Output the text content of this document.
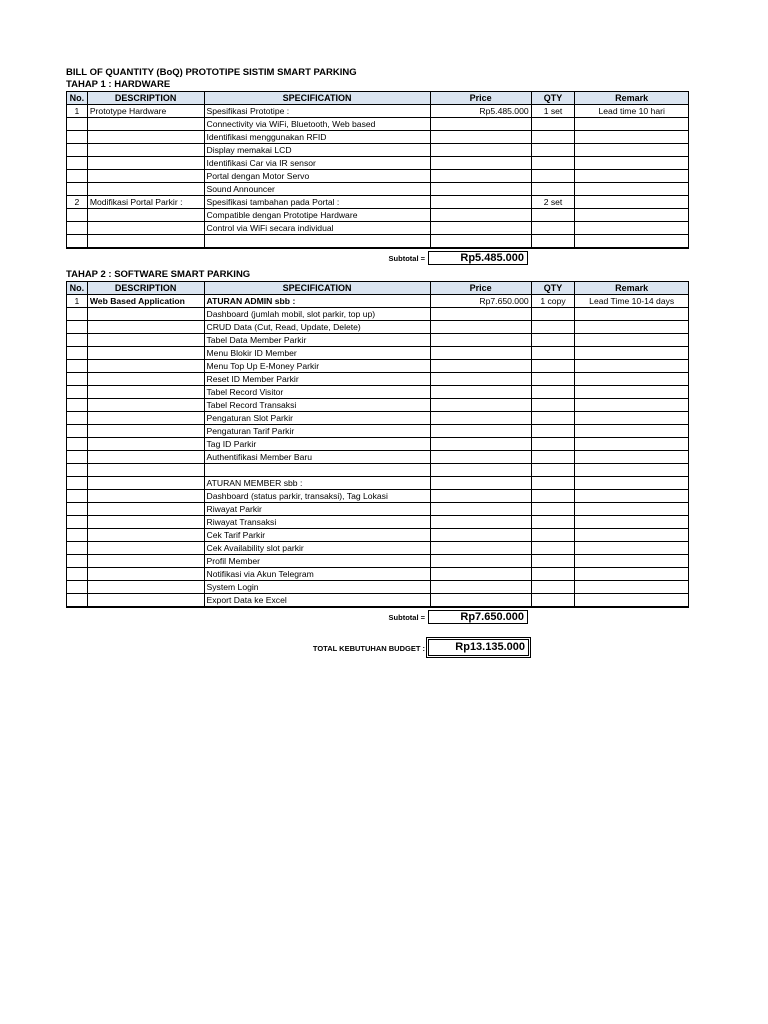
BILL OF QUANTITY (BoQ) PROTOTIPE SISTIM SMART PARKING
TAHAP 1 : HARDWARE
No.	DESCRIPTION	SPECIFICATION	Price	QTY	Remark
1	Prototype Hardware	Spesifikasi Prototipe :	Rp5.485.000	1 set	Lead time 10 hari
		Connectivity via WiFi, Bluetooth, Web based			
		Identifikasi menggunakan RFID			
		Display memakai LCD			
		Identifikasi Car via IR sensor			
		Portal dengan Motor Servo			
		Sound Announcer			
2	Modifikasi Portal Parkir :	Spesifikasi tambahan pada Portal :		2 set	
		Compatible dengan Prototipe Hardware			
		Control via WiFi secara individual			

Subtotal =	Rp5.485.000
TAHAP 2 : SOFTWARE SMART PARKING
No.	DESCRIPTION	SPECIFICATION	Price	QTY	Remark
1	Web Based Application	ATURAN ADMIN sbb :	Rp7.650.000	1 copy	Lead Time 10-14 days
		Dashboard (jumlah mobil, slot parkir, top up)			
		CRUD Data (Cut, Read, Update, Delete)			
		Tabel Data Member Parkir			
		Menu Blokir ID Member			
		Menu Top Up E-Money Parkir			
		Reset ID Member Parkir			
		Tabel Record Visitor			
		Tabel Record Transaksi			
		Pengaturan Slot Parkir			
		Pengaturan Tarif Parkir			
		Tag ID Parkir			
		Authentifikasi Member Baru			

		ATURAN MEMBER sbb :			
		Dashboard (status parkir, transaksi), Tag Lokasi			
		Riwayat Parkir			
		Riwayat Transaksi			
		Cek Tarif Parkir			
		Cek Availability slot parkir			
		Profil Member			
		Notifikasi via Akun Telegram			
		System Login			
		Export Data ke Excel			
Subtotal =	Rp7.650.000
TOTAL KEBUTUHAN BUDGET :	Rp13.135.000
